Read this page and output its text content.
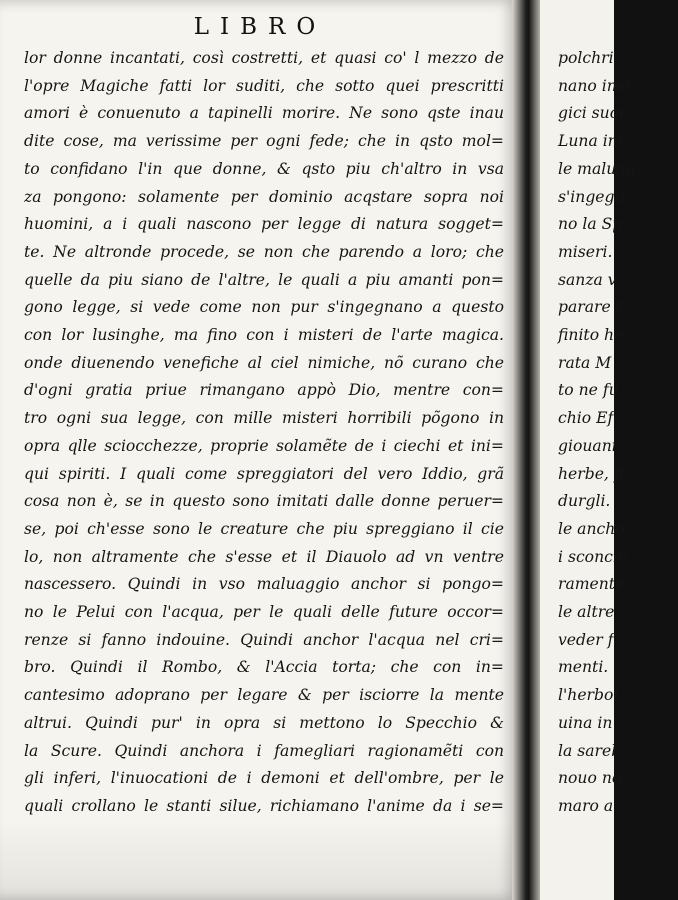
LIBRO
lor donne incantati, così costretti, et quasi co' l mezzo de
l'opre Magiche fatti lor suditi, che sotto quei prescritti
amori è conuenuto a tapinelli morire. Ne sono qste inau
dite cose, ma verissime per ogni fede; che in qsto mol=
to confidano l'in que donne, & qsto piu ch'altro in vsa
za pongono: solamente per dominio acqstare sopra noi
huomini, a i quali nascono per legge di natura sogget=
te. Ne altronde procede, se non che parendo a loro; che
quelle da piu siano de l'altre, le quali a piu amanti pon=
gono legge, si vede come non pur s'ingegnano a questo
con lor lusinghe, ma fino con i misteri de l'arte magica.
onde diuenendo venefiche al ciel nimiche, nõ curano che
d'ogni gratia priue rimangano appò Dio, mentre con=
tro ogni sua legge, con mille misteri horribili põgono in
opra qlle sciocchezze, proprie solamẽte de i ciechi et ini=
qui spiriti. I quali come spreggiatori del vero Iddio, grã
cosa non è, se in questo sono imitati dalle donne peruer=
se, poi ch'esse sono le creature che piu spreggiano il cie
lo, non altramente che s'esse et il Diauolo ad vn ventre
nascessero. Quindi in vso maluaggio anchor si pongo=
no le Pelui con l'acqua, per le quali delle future occor=
renze si fanno indouine. Quindi anchor l'acqua nel cri=
bro. Quindi il Rombo, & l'Accia torta; che con in=
cantesimo adoprano per legare & per isciorre la mente
altrui. Quindi pur' in opra si mettono lo Specchio &
la Scure. Quindi anchora i famegliari ragionamẽti con
gli inferi, l'inuocationi de i demoni et dell'ombre, per le
quali crollano le stanti silue, richiamano l'anime da i se=
polchri,
nano insi
gici suoi
Luna inc
le maluag
s'ingegn
no la Sp
miseri.
sanza v
parare t
finito he
rata M
to ne fu
chio Ef
giouani
herbe, fi
durgli.
le ancho
i sconcie
ramente
le altre
veder f
menti.
l'herbol
uina in
la sareb
nouo no
maro a
